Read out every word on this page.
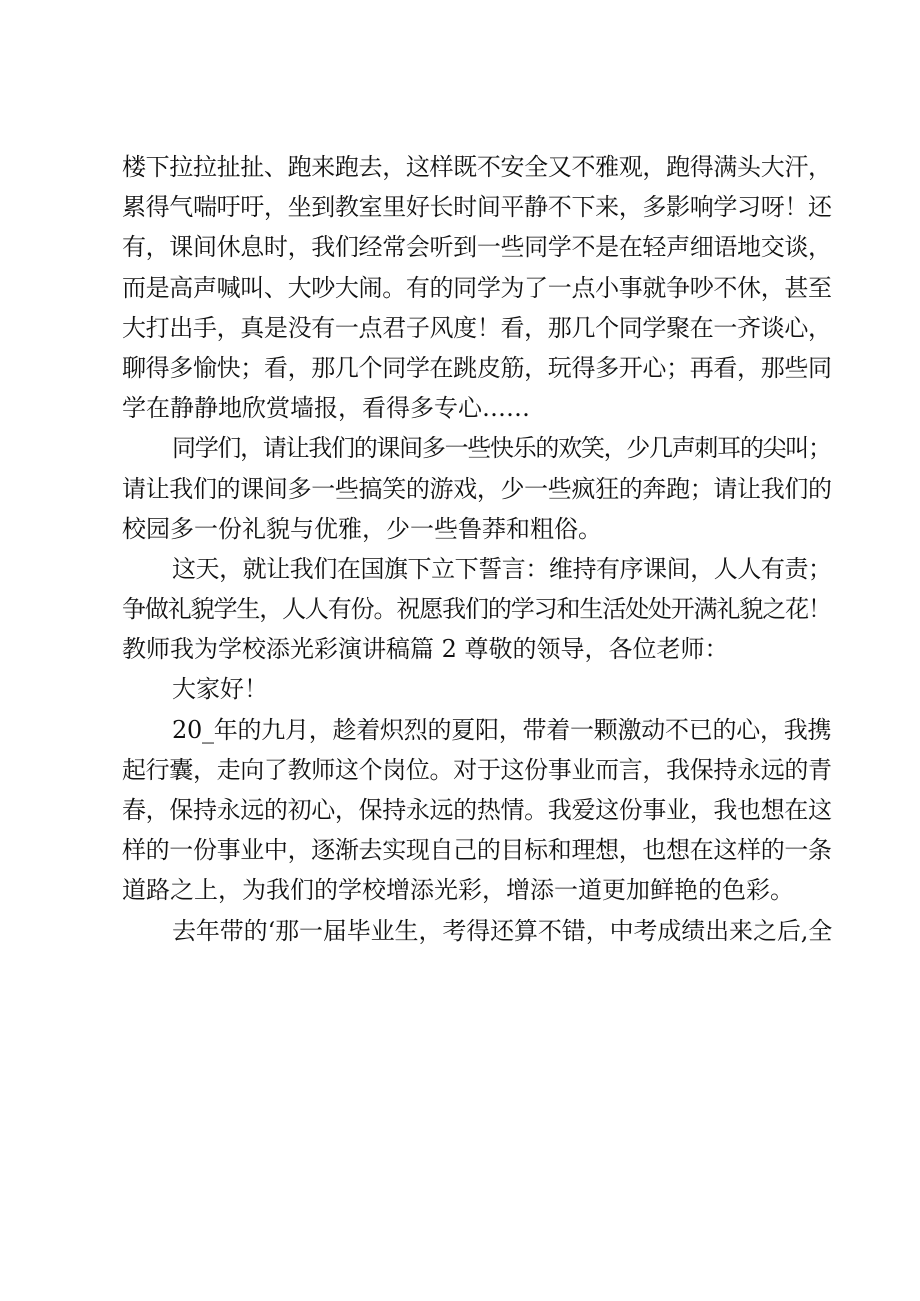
楼下拉拉扯扯、跑来跑去，这样既不安全又不雅观，跑得满头大汗，

累得气喘吁吁，坐到教室里好长时间平静不下来，多影响学习呀！还

有，课间休息时，我们经常会听到一些同学不是在轻声细语地交谈，

而是高声喊叫、大吵大闹。有的同学为了一点小事就争吵不休，甚至

大打出手，真是没有一点君子风度！看，那几个同学聚在一齐谈心，

聊得多愉快；看，那几个同学在跳皮筋，玩得多开心；再看，那些同

学在静静地欣赏墙报，看得多专心……

同学们，请让我们的课间多一些快乐的欢笑，少几声刺耳的尖叫；

请让我们的课间多一些搞笑的游戏，少一些疯狂的奔跑；请让我们的

校园多一份礼貌与优雅，少一些鲁莽和粗俗。

这天，就让我们在国旗下立下誓言：维持有序课间，人人有责；

争做礼貌学生，人人有份。祝愿我们的学习和生活处处开满礼貌之花！

教师我为学校添光彩演讲稿篇 2 尊敬的领导，各位老师：

大家好！

20_年的九月，趁着炽烈的夏阳，带着一颗激动不已的心，我携

起行囊，走向了教师这个岗位。对于这份事业而言，我保持永远的青

春，保持永远的初心，保持永远的热情。我爱这份事业，我也想在这

样的一份事业中，逐渐去实现自己的目标和理想，也想在这样的一条

道路之上，为我们的学校增添光彩，增添一道更加鲜艳的色彩。

去年带的‘那一届毕业生，考得还算不错，中考成绩出来之后,全
